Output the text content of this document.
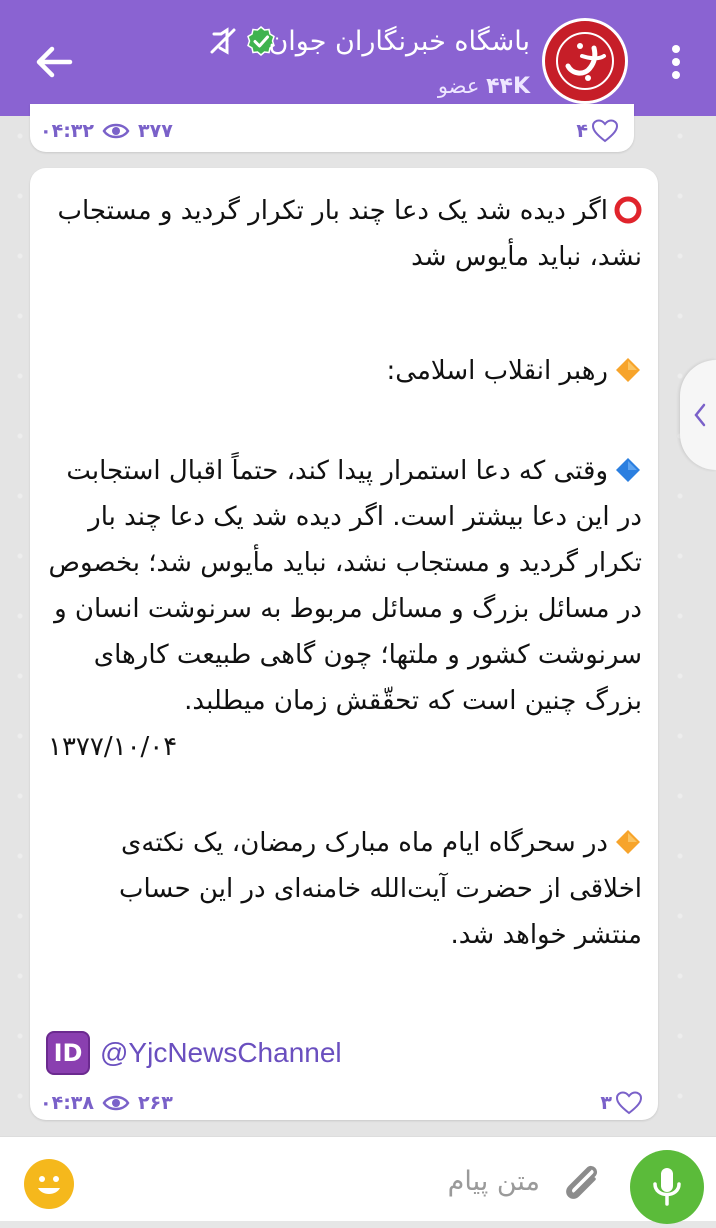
باشگاه خبرنگاران جوان
۴۴K عضو
۰۴:۳۲ ۳۷۷	۴

اگر دیده شد یک دعا چند بار تکرار گردید و مستجاب نشد، نباید مأیوس شد

رهبر انقلاب اسلامی:

وقتی که دعا استمرار پیدا کند، حتماً اقبال استجابت در این دعا بیشتر است. اگر دیده شد یک دعا چند بار تکرار گردید و مستجاب نشد، نباید مأیوس شد؛ بخصوص در مسائل بزرگ و مسائل مربوط به سرنوشت انسان و سرنوشت کشور و ملتها؛ چون گاهی طبیعت کارهای بزرگ چنین است که تحقّقش زمان میطلبد.

۱۳۷۷/۱۰/۰۴

در سحرگاه ایام ماه مبارک رمضان، یک نکته‌ی اخلاقی از حضرت آیت‌الله خامنه‌ای در این حساب منتشر خواهد شد.

ID @YjcNewsChannel
۰۴:۳۸ ۲۶۳	۳
متن پیام
